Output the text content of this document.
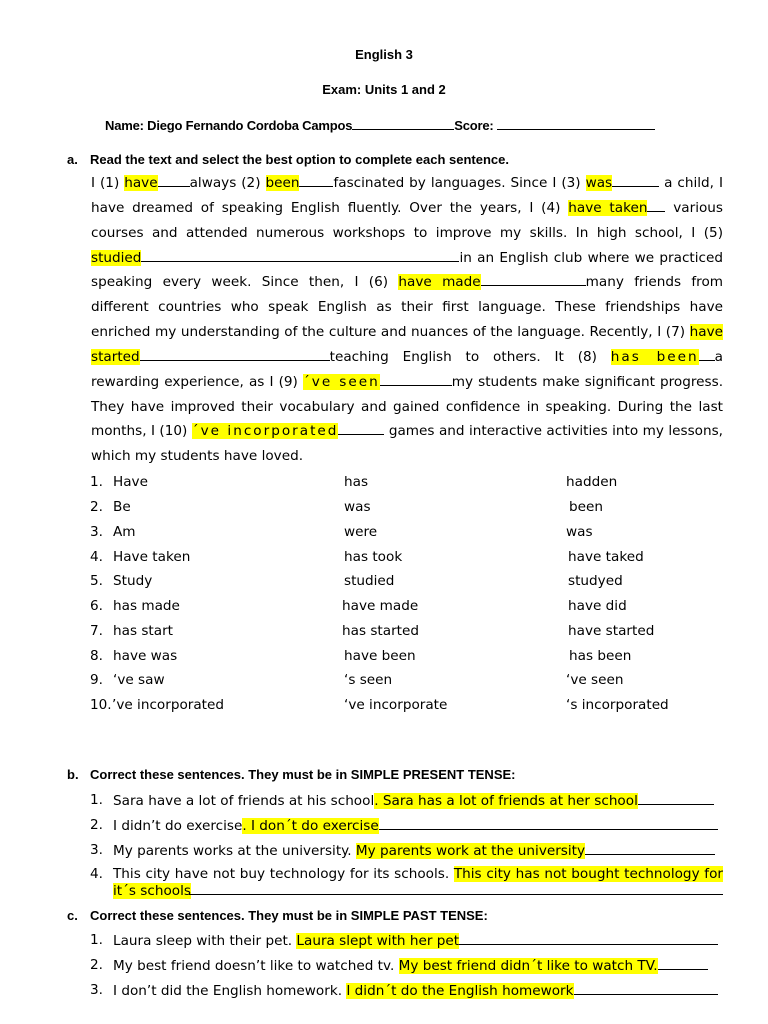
English 3
Exam: Units 1 and 2
Name: Diego Fernando Cordoba Campos	Score:
a. Read the text and select the best option to complete each sentence.
I (1) have always (2) been	fascinated by languages. Since I (3) was	a child, I have dreamed of speaking English fluently. Over the years, I (4) have taken various courses and attended numerous workshops to improve my skills. In high school, I (5) studied	in an English club where we practiced speaking every week. Since then, I (6) have made	many friends from different countries who speak English as their first language. These friendships have enriched my understanding of the culture and nuances of the language. Recently, I (7) have started	teaching English to others. It (8) has been a rewarding experience, as I (9) ´ve seen	my students make significant progress. They have improved their vocabulary and gained confidence in speaking. During the last months, I (10) ´ve incorporated	games and interactive activities into my lessons, which my students have loved.
1. Have	has	hadden
2. Be	was	been
3. Am	were	was
4. Have taken	has took	have taked
5. Study	studied	studyed
6. has made	have made	have did
7. has start	has started	have started
8. have was	have been	has been
9. ‘ve saw	‘s seen	‘ve seen
10. ’ve incorporated	‘ve incorporate	‘s incorporated
b. Correct these sentences. They must be in SIMPLE PRESENT TENSE:
1. Sara have a lot of friends at his school. Sara has a lot of friends at her school
2. I didn’t do exercise. I don´t do exercise
3. My parents works at the university. My parents work at the university
4. This city have not buy technology for its schools. This city has not bought technology for it´s schools
c. Correct these sentences. They must be in SIMPLE PAST TENSE:
1. Laura sleep with their pet. Laura slept with her pet
2. My best friend doesn’t like to watched tv. My best friend didn´t like to watch TV.
3. I don’t did the English homework. I didn´t do the English homework
